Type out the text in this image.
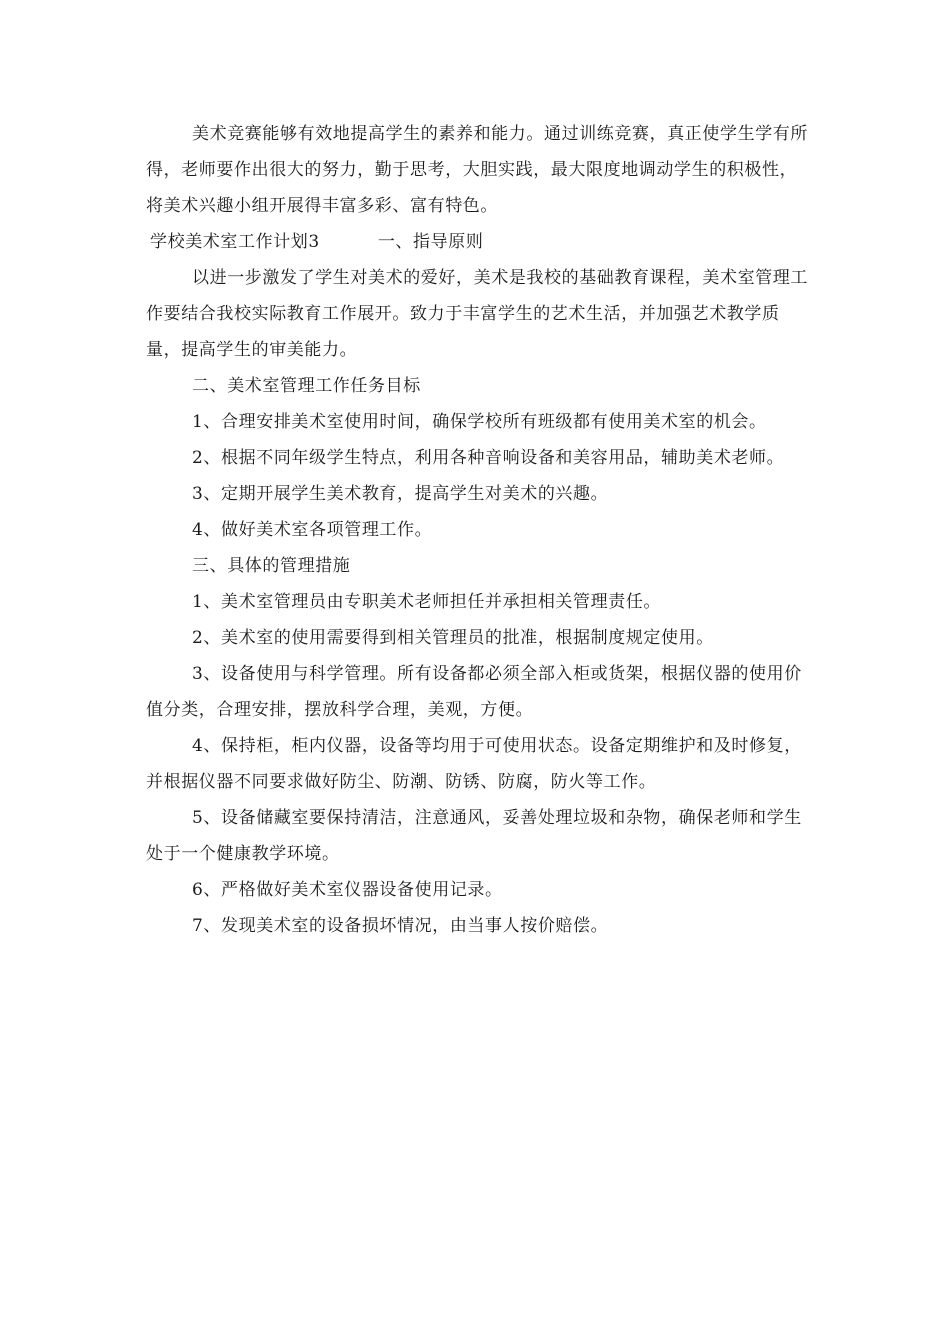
美术竞赛能够有效地提高学生的素养和能力。通过训练竞赛，真正使学生学有所得，老师要作出很大的努力，勤于思考，大胆实践，最大限度地调动学生的积极性，将美术兴趣小组开展得丰富多彩、富有特色。

学校美术室工作计划3	一、指导原则

以进一步激发了学生对美术的爱好，美术是我校的基础教育课程，美术室管理工作要结合我校实际教育工作展开。致力于丰富学生的艺术生活，并加强艺术教学质量，提高学生的审美能力。

二、美术室管理工作任务目标

1、合理安排美术室使用时间，确保学校所有班级都有使用美术室的机会。

2、根据不同年级学生特点，利用各种音响设备和美容用品，辅助美术老师。

3、定期开展学生美术教育，提高学生对美术的兴趣。

4、做好美术室各项管理工作。

三、具体的管理措施

1、美术室管理员由专职美术老师担任并承担相关管理责任。

2、美术室的使用需要得到相关管理员的批准，根据制度规定使用。

3、设备使用与科学管理。所有设备都必须全部入柜或货架，根据仪器的使用价值分类，合理安排，摆放科学合理，美观，方便。

4、保持柜，柜内仪器，设备等均用于可使用状态。设备定期维护和及时修复，并根据仪器不同要求做好防尘、防潮、防锈、防腐，防火等工作。

5、设备储藏室要保持清洁，注意通风，妥善处理垃圾和杂物，确保老师和学生处于一个健康教学环境。

6、严格做好美术室仪器设备使用记录。

7、发现美术室的设备损坏情况，由当事人按价赔偿。
